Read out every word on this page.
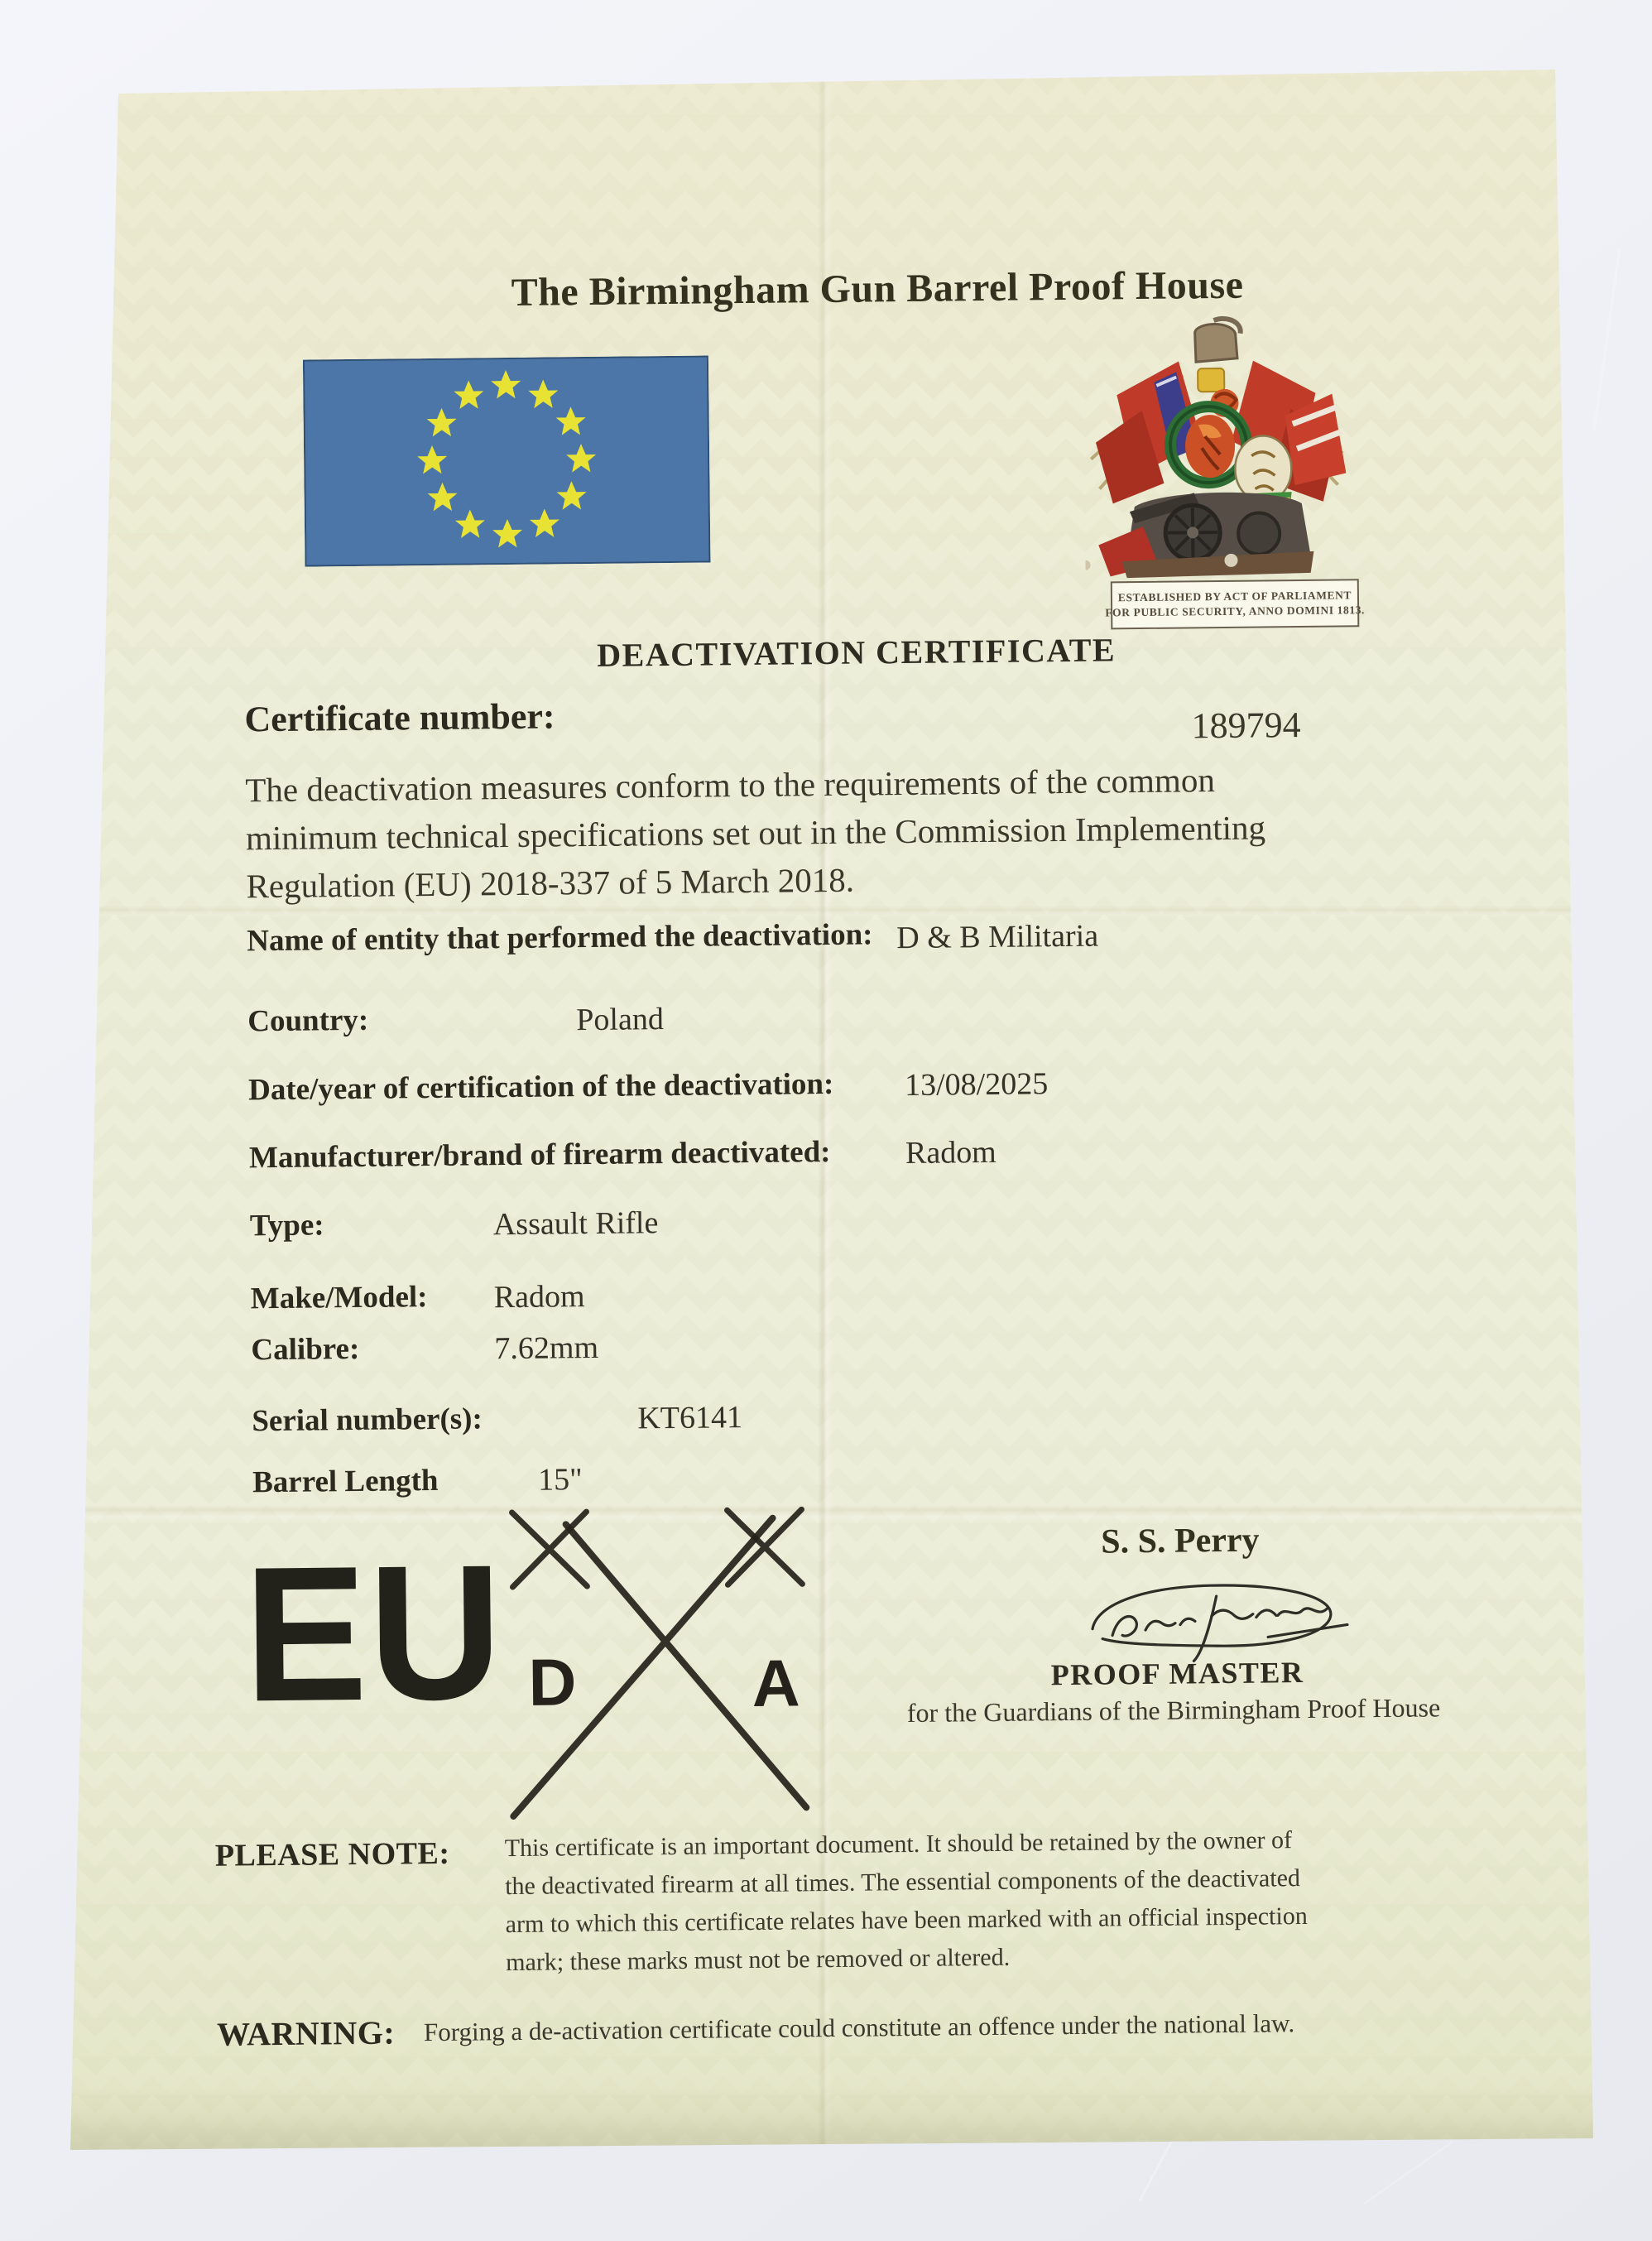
The Birmingham Gun Barrel Proof House
ESTABLISHED BY ACT OF PARLIAMENT
FOR PUBLIC SECURITY, ANNO DOMINI 1813.
DEACTIVATION CERTIFICATE
Certificate number:	189794
The deactivation measures conform to the requirements of the common
minimum technical specifications set out in the Commission Implementing
Regulation (EU) 2018-337 of 5 March 2018.
Name of entity that performed the deactivation: D & B Militaria
Country:	Poland
Date/year of certification of the deactivation: 13/08/2025
Manufacturer/brand of firearm deactivated: Radom
Type:	Assault Rifle
Make/Model: Radom
Calibre:	7.62mm
Serial number(s):	KT6141
Barrel Length	15"
EU D	A
S. S. Perry
PROOF MASTER
for the Guardians of the Birmingham Proof House
PLEASE NOTE: This certificate is an important document. It should be retained by the owner of
the deactivated firearm at all times. The essential components of the deactivated
arm to which this certificate relates have been marked with an official inspection
mark; these marks must not be removed or altered.
WARNING: Forging a de-activation certificate could constitute an offence under the national law.
